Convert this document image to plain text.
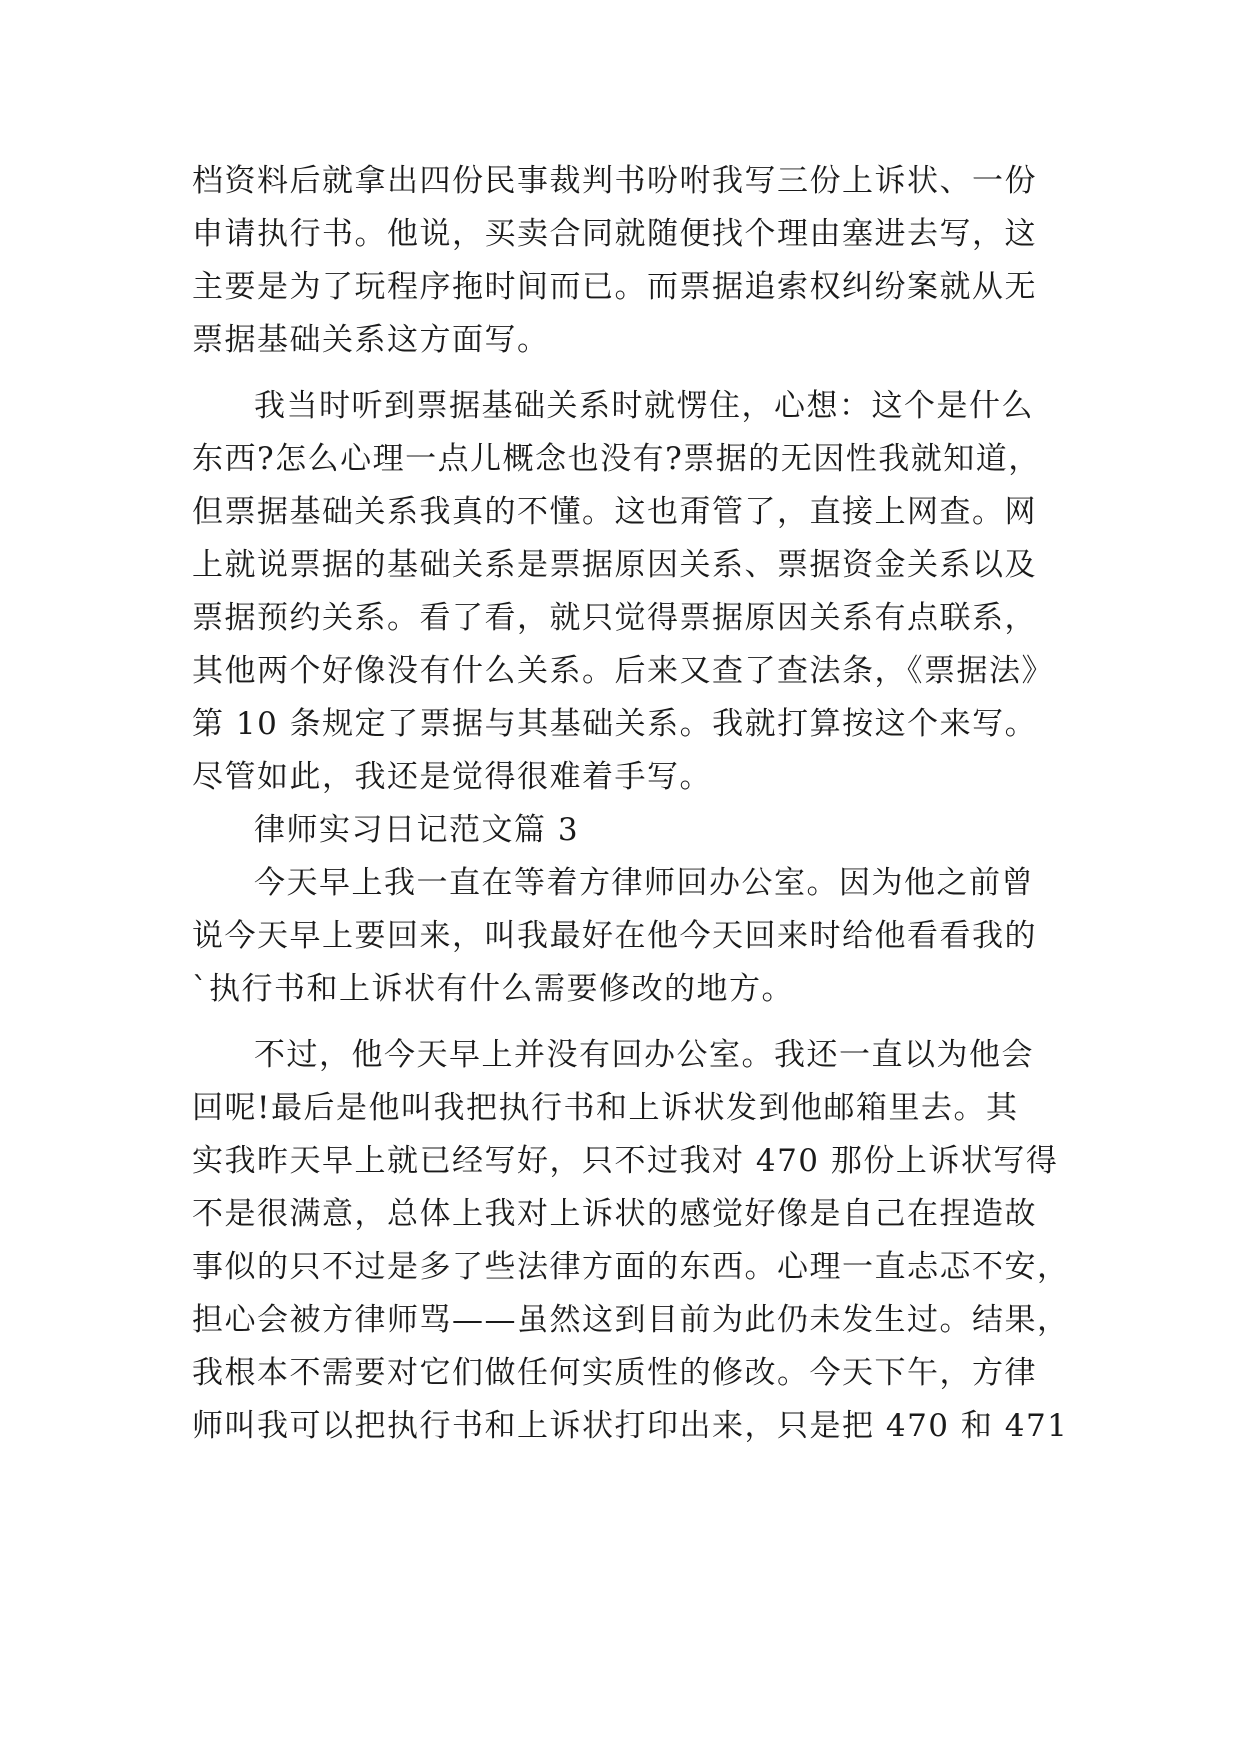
档资料后就拿出四份民事裁判书吩咐我写三份上诉状、一份
申请执行书。他说，买卖合同就随便找个理由塞进去写，这
主要是为了玩程序拖时间而已。而票据追索权纠纷案就从无
票据基础关系这方面写。
我当时听到票据基础关系时就愣住，心想：这个是什么
东西?怎么心理一点儿概念也没有?票据的无因性我就知道，
但票据基础关系我真的不懂。这也甭管了，直接上网查。网
上就说票据的基础关系是票据原因关系、票据资金关系以及
票据预约关系。看了看，就只觉得票据原因关系有点联系，
其他两个好像没有什么关系。后来又查了查法条，《票据法》
第 10 条规定了票据与其基础关系。我就打算按这个来写。
尽管如此，我还是觉得很难着手写。
律师实习日记范文篇 3
今天早上我一直在等着方律师回办公室。因为他之前曾
说今天早上要回来，叫我最好在他今天回来时给他看看我的
`执行书和上诉状有什么需要修改的地方。
不过，他今天早上并没有回办公室。我还一直以为他会
回呢!最后是他叫我把执行书和上诉状发到他邮箱里去。其
实我昨天早上就已经写好，只不过我对 470 那份上诉状写得
不是很满意，总体上我对上诉状的感觉好像是自己在捏造故
事似的只不过是多了些法律方面的东西。心理一直忐忑不安，
担心会被方律师骂——虽然这到目前为此仍未发生过。结果，
我根本不需要对它们做任何实质性的修改。今天下午，方律
师叫我可以把执行书和上诉状打印出来，只是把 470 和 471
